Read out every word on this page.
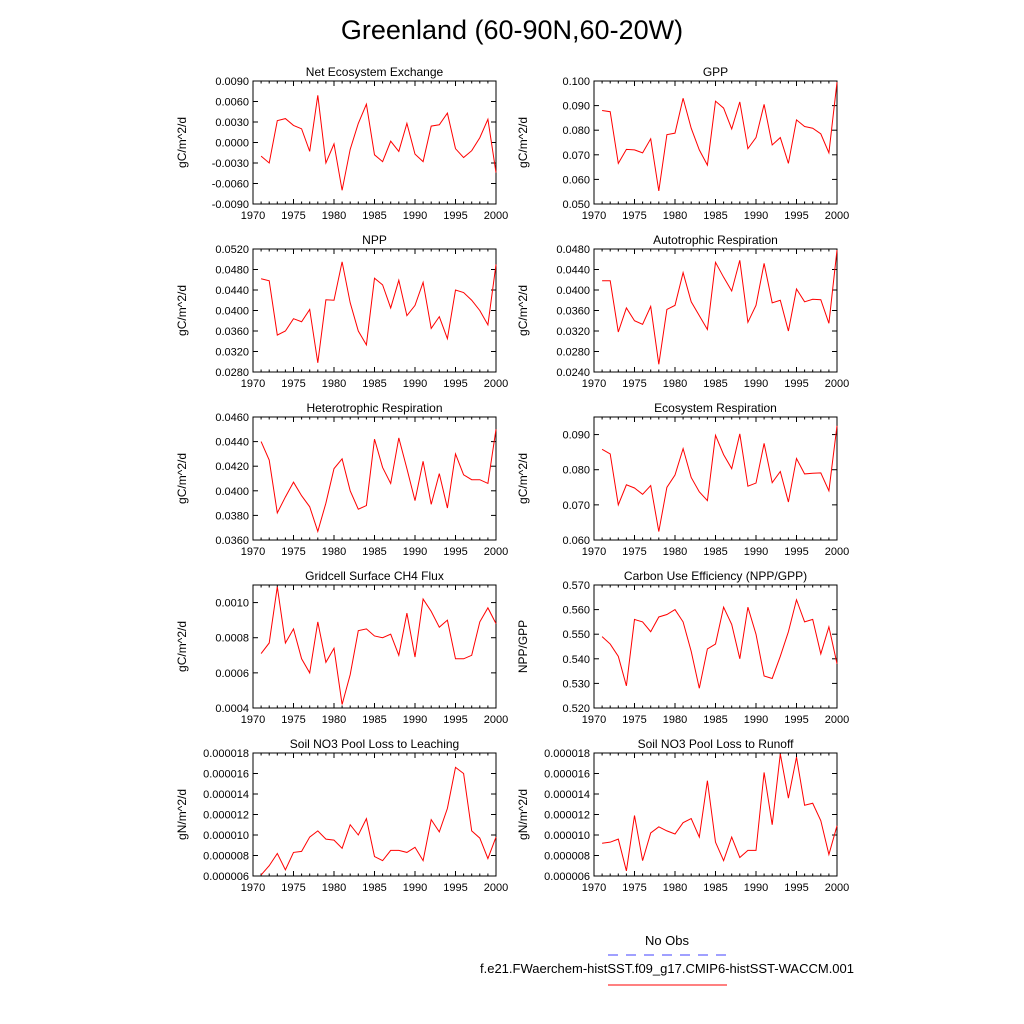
Greenland (60-90N,60-20W)
Net Ecosystem Exchange
gC/m^2/d
1970 1975 1980 1985 1990 1995 2000
-0.0090
-0.0060
-0.0030
0.0000
0.0030
0.0060
0.0090
GPP
gC/m^2/d
1970 1975 1980 1985 1990 1995 2000
0.050
0.060
0.070
0.080
0.090
0.100
NPP
gC/m^2/d
1970 1975 1980 1985 1990 1995 2000
0.0280
0.0320
0.0360
0.0400
0.0440
0.0480
0.0520
Autotrophic Respiration
gC/m^2/d
1970 1975 1980 1985 1990 1995 2000
0.0240
0.0280
0.0320
0.0360
0.0400
0.0440
0.0480
Heterotrophic Respiration
gC/m^2/d
1970 1975 1980 1985 1990 1995 2000
0.0360
0.0380
0.0400
0.0420
0.0440
0.0460
Ecosystem Respiration
gC/m^2/d
1970 1975 1980 1985 1990 1995 2000
0.060
0.070
0.080
0.090
Gridcell Surface CH4 Flux
gC/m^2/d
1970 1975 1980 1985 1990 1995 2000
0.0004
0.0006
0.0008
0.0010
Carbon Use Efficiency (NPP/GPP)
NPP/GPP
1970 1975 1980 1985 1990 1995 2000
0.520
0.530
0.540
0.550
0.560
0.570
Soil NO3 Pool Loss to Leaching
gN/m^2/d
1970 1975 1980 1985 1990 1995 2000
0.000006
0.000008
0.000010
0.000012
0.000014
0.000016
0.000018
Soil NO3 Pool Loss to Runoff
gN/m^2/d
1970 1975 1980 1985 1990 1995 2000
0.000006
0.000008
0.000010
0.000012
0.000014
0.000016
0.000018
No Obs
f.e21.FWaerchem-histSST.f09_g17.CMIP6-histSST-WACCM.001
